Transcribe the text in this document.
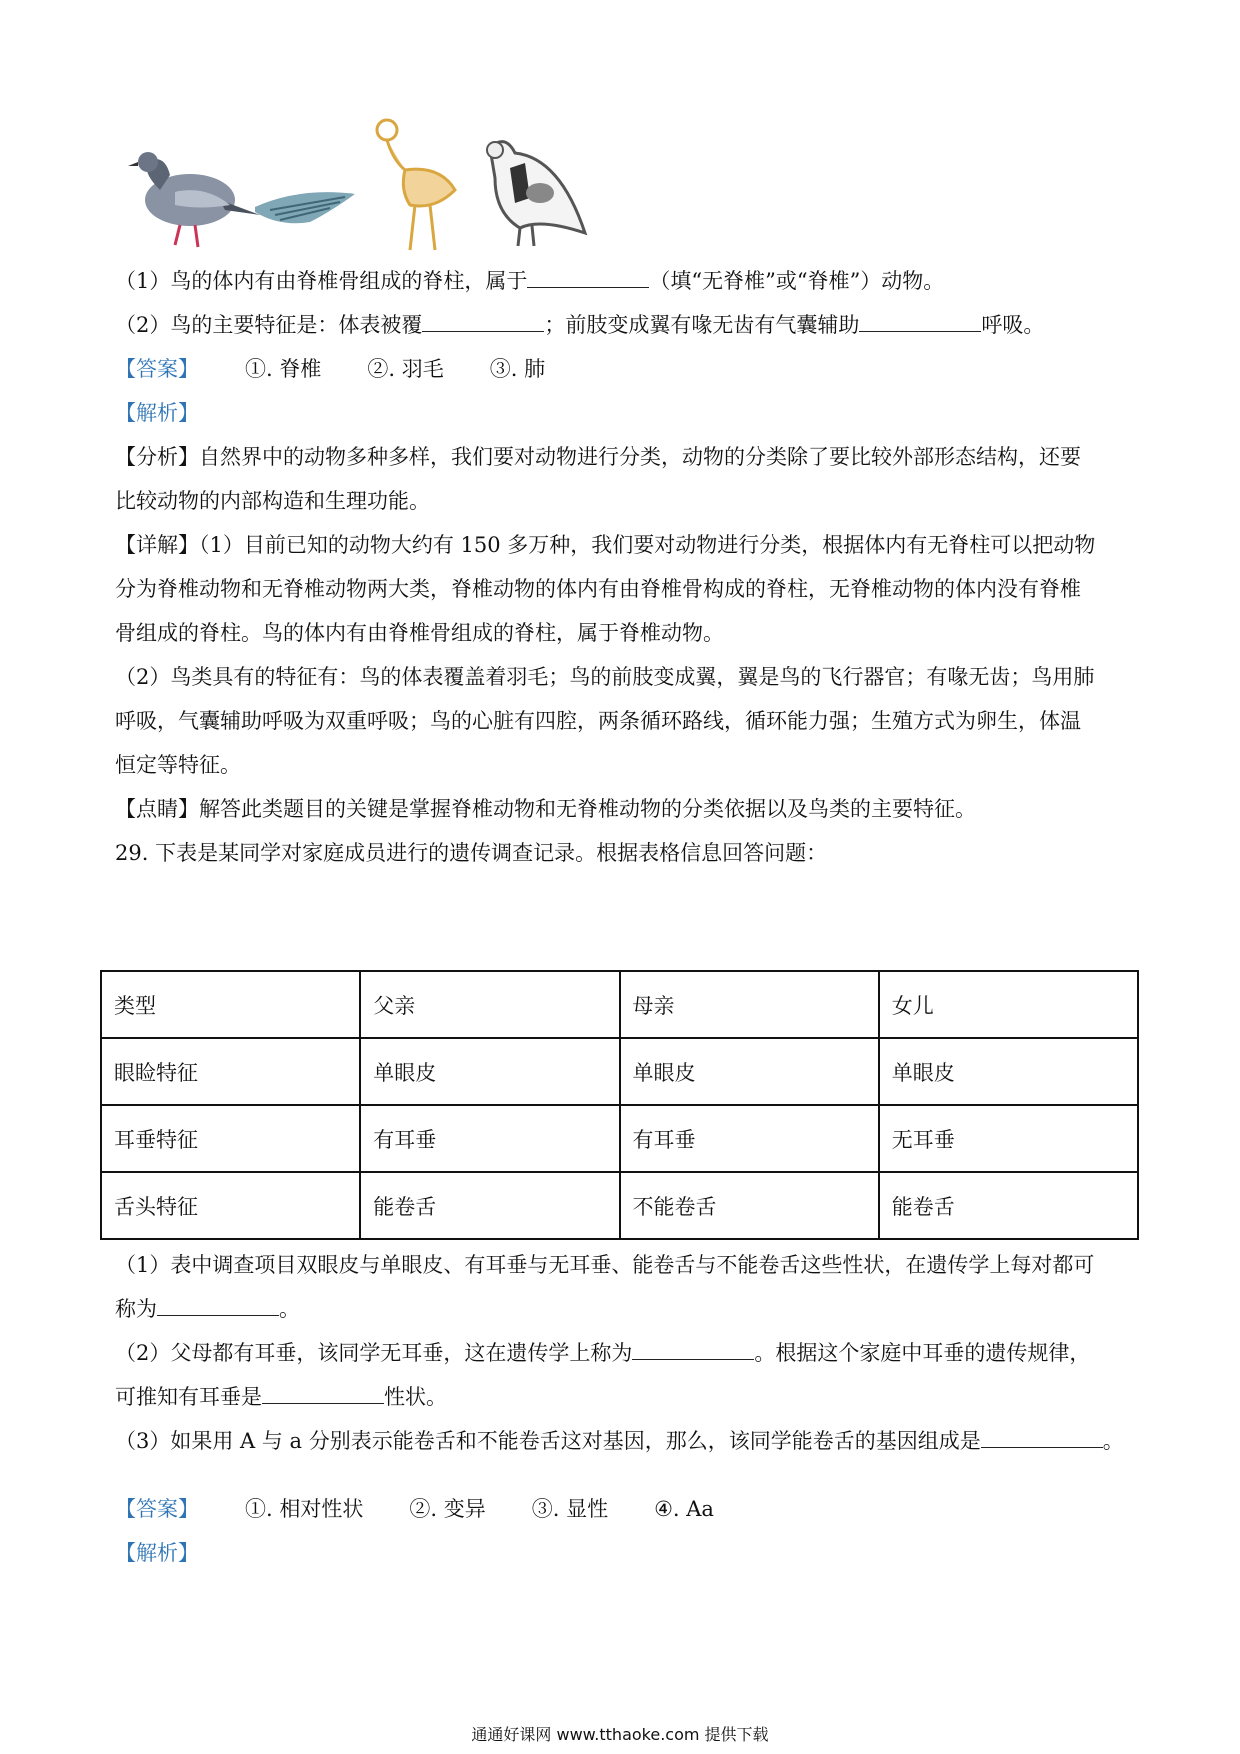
（1）鸟的体内有由脊椎骨组成的脊柱，属于	（填“无脊椎”或“脊椎”）动物。
（2）鸟的主要特征是：体表被覆	；前肢变成翼有喙无齿有气囊辅助	呼吸。
【答案】 ①. 脊椎 ②. 羽毛 ③. 肺
【解析】
【分析】自然界中的动物多种多样，我们要对动物进行分类，动物的分类除了要比较外部形态结构，还要
比较动物的内部构造和生理功能。
【详解】（1）目前已知的动物大约有 150 多万种，我们要对动物进行分类，根据体内有无脊柱可以把动物
分为脊椎动物和无脊椎动物两大类，脊椎动物的体内有由脊椎骨构成的脊柱，无脊椎动物的体内没有脊椎
骨组成的脊柱。鸟的体内有由脊椎骨组成的脊柱，属于脊椎动物。
（2）鸟类具有的特征有：鸟的体表覆盖着羽毛；鸟的前肢变成翼，翼是鸟的飞行器官；有喙无齿；鸟用肺
呼吸，气囊辅助呼吸为双重呼吸；鸟的心脏有四腔，两条循环路线，循环能力强；生殖方式为卵生，体温
恒定等特征。
【点睛】解答此类题目的关键是掌握脊椎动物和无脊椎动物的分类依据以及鸟类的主要特征。
29. 下表是某同学对家庭成员进行的遗传调查记录。根据表格信息回答问题：
类型	父亲	母亲	女儿
眼睑特征	单眼皮	单眼皮	单眼皮
耳垂特征	有耳垂	有耳垂	无耳垂
舌头特征	能卷舌	不能卷舌	能卷舌
（1）表中调查项目双眼皮与单眼皮、有耳垂与无耳垂、能卷舌与不能卷舌这些性状，在遗传学上每对都可
称为	。
（2）父母都有耳垂，该同学无耳垂，这在遗传学上称为	。根据这个家庭中耳垂的遗传规律，
可推知有耳垂是	性状。
（3）如果用 A 与 a 分别表示能卷舌和不能卷舌这对基因，那么，该同学能卷舌的基因组成是	。
【答案】 ①. 相对性状 ②. 变异 ③. 显性 ④. Aa
【解析】
通通好课网 www.tthaoke.com 提供下载
